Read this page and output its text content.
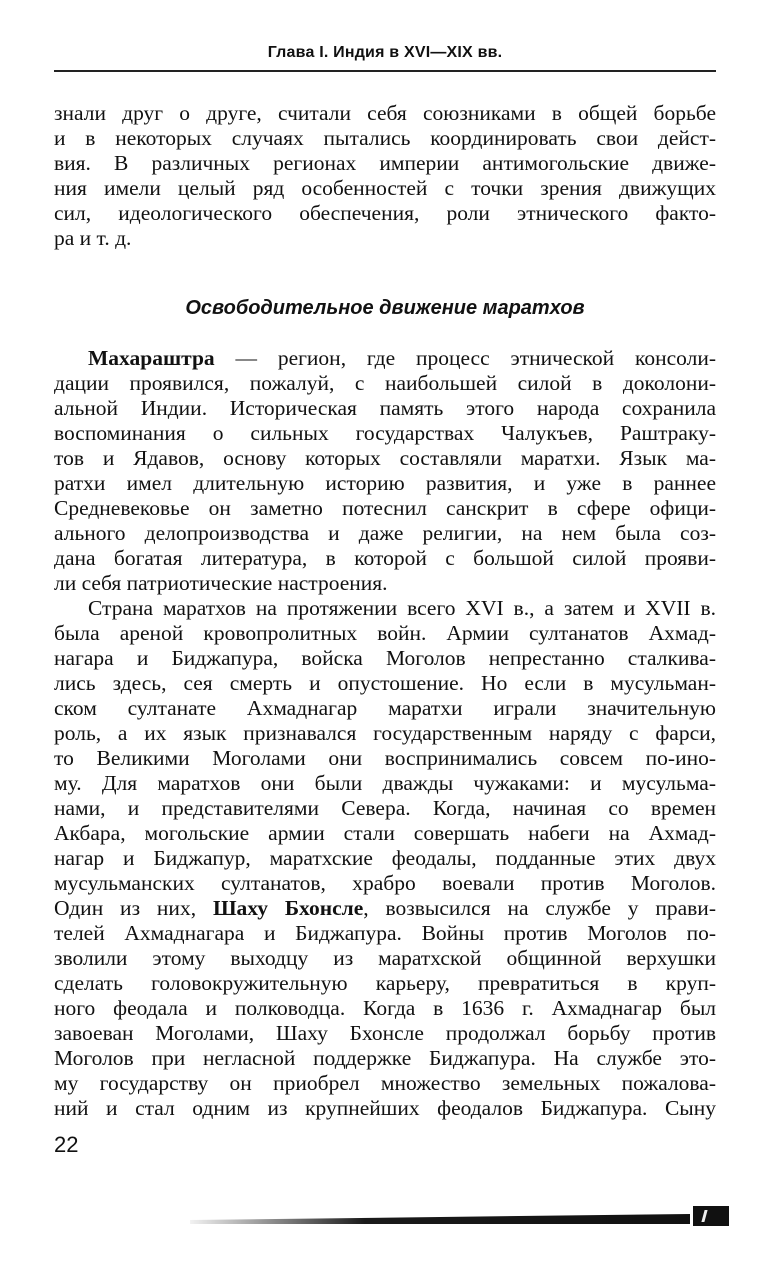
Глава I. Индия в XVI—XIX вв.
знали друг о друге, считали себя союзниками в общей борьбе
и в некоторых случаях пытались координировать свои дейст-
вия. В различных регионах империи антимогольские движе-
ния имели целый ряд особенностей с точки зрения движущих
сил, идеологического обеспечения, роли этнического факто-
ра и т. д.
Освободительное движение маратхов
Махараштра — регион, где процесс этнической консоли-
дации проявился, пожалуй, с наибольшей силой в доколони-
альной Индии. Историческая память этого народа сохранила
воспоминания о сильных государствах Чалукъев, Раштраку-
тов и Ядавов, основу которых составляли маратхи. Язык ма-
ратхи имел длительную историю развития, и уже в раннее
Средневековье он заметно потеснил санскрит в сфере офици-
ального делопроизводства и даже религии, на нем была соз-
дана богатая литература, в которой с большой силой прояви-
ли себя патриотические настроения.
Страна маратхов на протяжении всего XVI в., а затем и XVII в.
была ареной кровопролитных войн. Армии султанатов Ахмад-
нагара и Биджапура, войска Моголов непрестанно сталкива-
лись здесь, сея смерть и опустошение. Но если в мусульман-
ском султанате Ахмаднагар маратхи играли значительную
роль, а их язык признавался государственным наряду с фарси,
то Великими Моголами они воспринимались совсем по-ино-
му. Для маратхов они были дважды чужаками: и мусульма-
нами, и представителями Севера. Когда, начиная со времен
Акбара, могольские армии стали совершать набеги на Ахмад-
нагар и Биджапур, маратхские феодалы, подданные этих двух
мусульманских султанатов, храбро воевали против Моголов.
Один из них, Шаху Бхонсле, возвысился на службе у прави-
телей Ахмаднагара и Биджапура. Войны против Моголов по-
зволили этому выходцу из маратхской общинной верхушки
сделать головокружительную карьеру, превратиться в круп-
ного феодала и полководца. Когда в 1636 г. Ахмаднагар был
завоеван Моголами, Шаху Бхонсле продолжал борьбу против
Моголов при негласной поддержке Биджапура. На службе это-
му государству он приобрел множество земельных пожалова-
ний и стал одним из крупнейших феодалов Биджапура. Сыну
22
